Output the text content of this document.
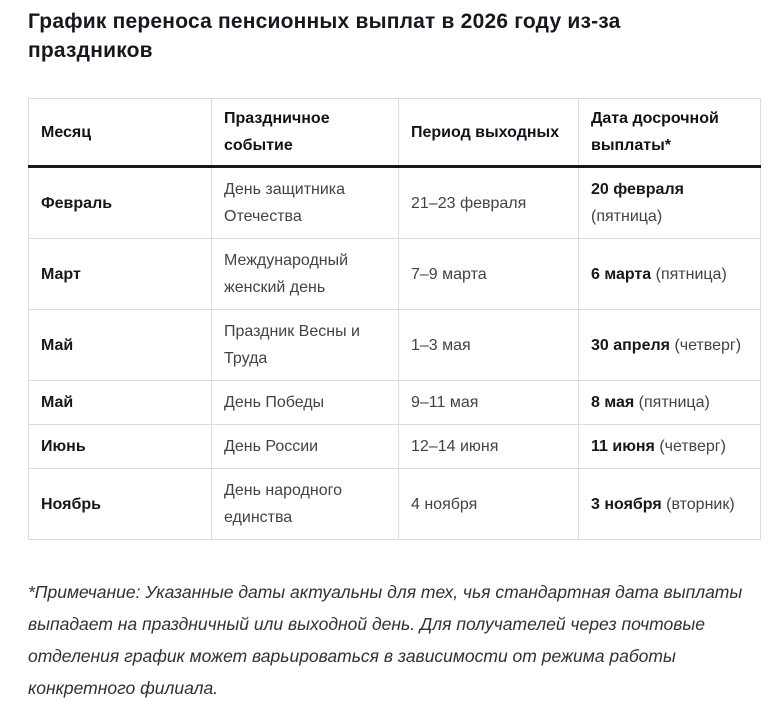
График переноса пенсионных выплат в 2026 году из-за праздников
Месяц	Праздничное событие	Период выходных	Дата досрочной выплаты*
Февраль	День защитника Отечества	21–23 февраля	20 февраля (пятница)
Март	Международный женский день	7–9 марта	6 марта (пятница)
Май	Праздник Весны и Труда	1–3 мая	30 апреля (четверг)
Май	День Победы	9–11 мая	8 мая (пятница)
Июнь	День России	12–14 июня	11 июня (четверг)
Ноябрь	День народного единства	4 ноября	3 ноября (вторник)

*Примечание: Указанные даты актуальны для тех, чья стандартная дата выплаты выпадает на праздничный или выходной день. Для получателей через почтовые отделения график может варьироваться в зависимости от режима работы конкретного филиала.
